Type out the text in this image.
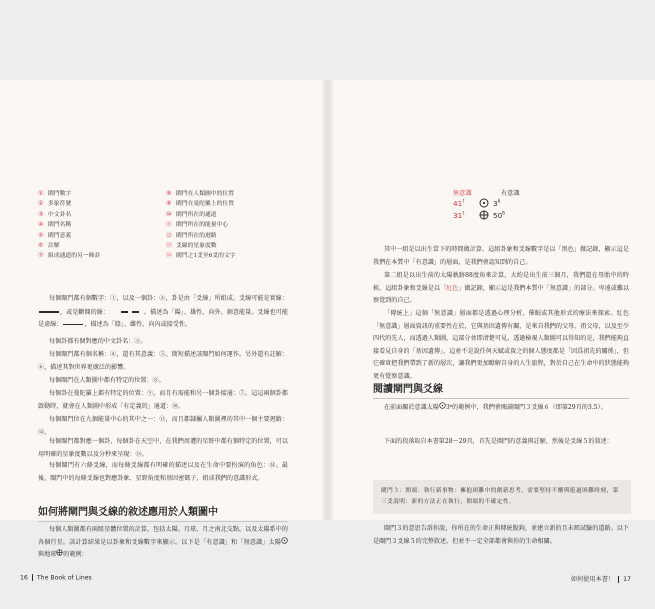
① 閘門數字
② 多象符號
③ 中文卦名
④ 閘門名稱
⑤ 閘門意義
⑥ 註解
⑦ 組成通道的另一條卦
⑧ 閘門在人類圖中的位置
⑨ 閘門在曼陀羅上的位置
⑩ 閘門所在的通道
⑪ 閘門所在的能量中心
⑫ 閘門所在的迴路
⑬ 爻線的星象度數
⑭ 閘門之1爻至6爻的文字

每個閘門都有個數字：①，以及一個卦：②，卦是由「爻線」所組成。爻線可能是實線：，或是斷開的線：	。描述為「陽」、雄性、向外、創意能量。爻線也可能是虛線：	，描述為「陰」、雌性、向內或接受性。

每個卦都有個對應的中文卦名：③。

每個閘門都有個名稱：④，還有其意義：⑤。簡短描述該閘門如何運作。另外還有註解：⑥，描述其對世界更廣泛的影響。

每個閘門在人類圖中都有特定的位置：⑧。

每個卦在曼陀羅上都有特定的位置：⑨，而且有需能和另一個卦接通：⑦。這這兩個卦都啟動時，就會在人類圖中形成「有定義的」通道：⑩。

每個閘門位在九個能量中心的其中之一：⑪，而且都隸屬人類圖裡的其中一個主要迴路：⑫。

每個閘門都對應一個卦，每個卦在天空中，在我們周遭的星野中都有個特定的位置，可以用明確的星象度數以及分秒來呈現：⑬。

每個閘門有六條爻線，而每條爻線都有明確的描述以及在生命中要扮演的角色：⑭。最後，閘門中的每條爻線也對應卦象、星野角度和基因密碼子，組成我們的意識形式。

如何將閘門與爻線的敘述應用於人類圖中

每個人類圖都有兩組星體位置的計算，包括太陽、月球、月之南北交點，以及太陽系中的各個行星。該計算結果是以卦象和爻線數字來顯示。以下是「有意識」和「無意識」太陽與地球 的範例：

16 The Book of Lines
無意識	有意識
$41^1$	$3^6$
$31^1$	$50^6$

其中一組是以出生當下的時間做計算，這組卦象和爻線數字是以「黑色」做記錄，顯示這是我們在本質中「有意識」的層面，是我們會認知到的自己。

第二組是以出生前的太陽軌跡88度角來計算，大約是出生前三個月，我們還在母胎中的時候。這組卦象和爻線是以「紅色」做記錄，顯示這是我們本質中「無意識」的部分。卑遠或難以察覺到的自己。

「傳統上」這個「無意識」層面都是透過心理分析、催眠或其他形式的療法來探索。紅色「無意識」層面資訊的重要性在於，它與基因遺傳有關，是來自我們的父母、祖父母，以及至少四代的先人，而透過人類圖，這部分並即清楚可見。透過檢視人類圖可以得知的是，我們能夠直接看見自身的「基因遺傳」，這並不是說任何天賦或資之的個人態度都是「因爲祖先的關係」，但它確實把我們帶到了新的層次，讓我們更加瞭解自身的人生旅程，對於自己在生命中的狀態能夠更有覺察意識。

閱讀閘門與爻線

在前面關於意識太陽 3⁶的範例中，我們會閱讀閘門３爻線６（即第29頁的3.5）。

下面的段落取自本書第28～29頁，首先是閘門的意義與註解，然後是爻線５的敘述：

閘門３：開端：執行新事物：擁抱困難中的創新思考，需要堅持不懈與挺過困難時刻，第三爻說明：新的方法正在執行，開端的不確定性。

閘門３的意思告訴你說，你所在的生命正與傳統脫鉤，並建立新的且未經試驗的道路。以下是閘門３爻線５的完整敘述，但並不一定全部都會與你的生命相關。

如何使用本書！ 17
